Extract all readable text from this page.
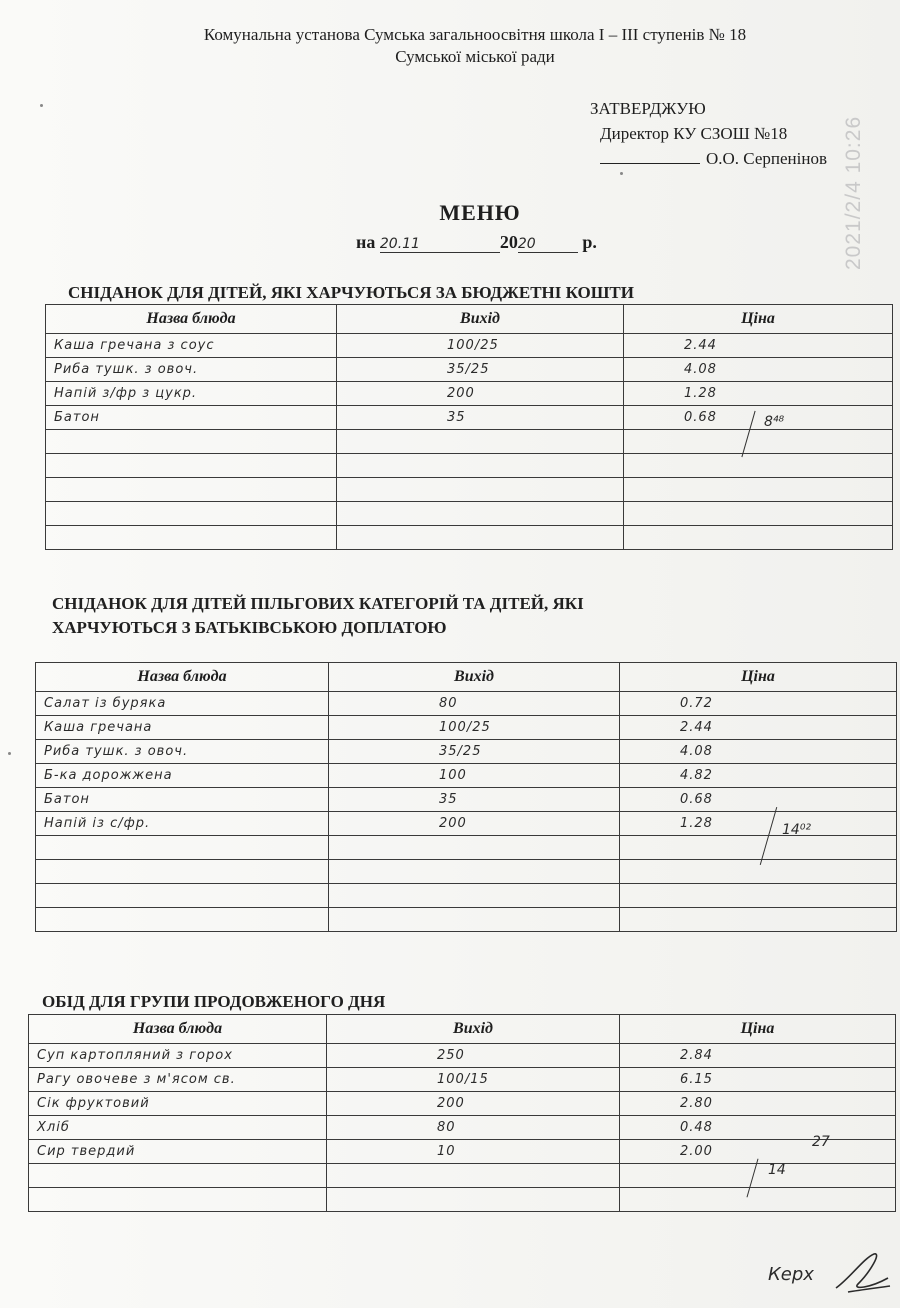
Комунальна установа Сумська загальноосвітня школа I – III ступенів № 18
Сумської міської ради
2021/2/4 10:26
ЗАТВЕРДЖУЮ
Директор КУ СЗОШ №18
О.О. Серпенінов
МЕНЮ
на 20.11	2020	р.
СНІДАНОК ДЛЯ ДІТЕЙ, ЯКІ ХАРЧУЮТЬСЯ ЗА БЮДЖЕТНІ КОШТИ
Назва блюда	Вихід	Ціна
Каша гречана з соус	100/25	2.44
Риба тушк. з овоч.	35/25	4.08
Напій з/фр з цукр.	200	1.28
Батон	35	0.68

			8⁴⁸
СНІДАНОК ДЛЯ ДІТЕЙ ПІЛЬГОВИХ КАТЕГОРІЙ ТА ДІТЕЙ, ЯКІ
ХАРЧУЮТЬСЯ З БАТЬКІВСЬКОЮ ДОПЛАТОЮ
Назва блюда	Вихід	Ціна
Салат із буряка	80	0.72
Каша гречана	100/25	2.44
Риба тушк. з овоч.	35/25	4.08
Б-ка дорожжена	100	4.82
Батон	35	0.68
Напій із с/фр.	200	1.28

			14⁰²
ОБІД ДЛЯ ГРУПИ ПРОДОВЖЕНОГО ДНЯ
Назва блюда	Вихід	Ціна
Суп картопляний з горох	250	2.84
Рагу овочеве з м'ясом св.	100/15	6.15
Сік фруктовий	200	2.80
Хліб	80	0.48
Сир твердий	10	2.00

27
14
Керх
